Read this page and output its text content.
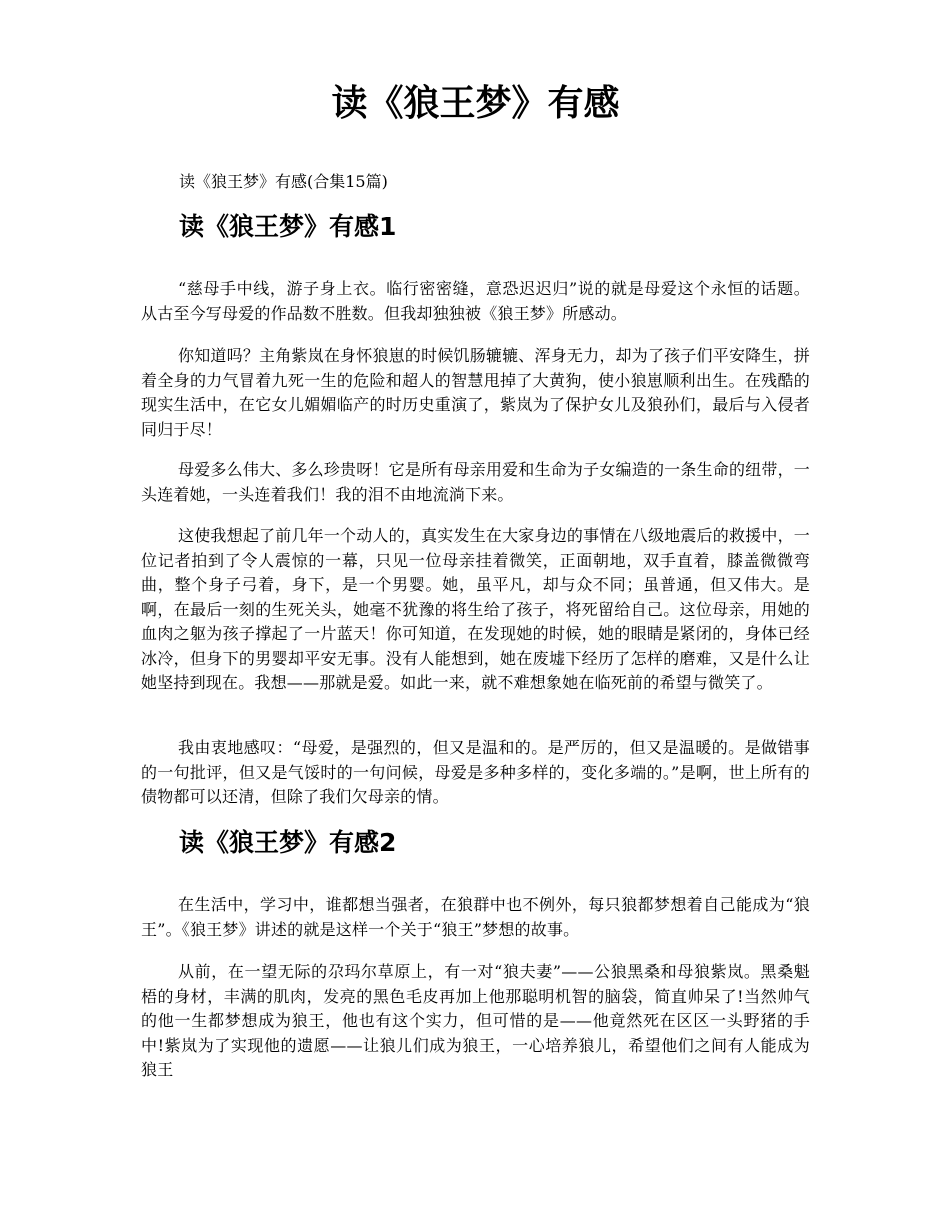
读《狼王梦》有感

读《狼王梦》有感(合集15篇)

读《狼王梦》有感1

“慈母手中线，游子身上衣。临行密密缝，意恐迟迟归”说的就是母爱这个永恒的话题。从古至今写母爱的作品数不胜数。但我却独独被《狼王梦》所感动。

你知道吗？主角紫岚在身怀狼崽的时候饥肠辘辘、浑身无力，却为了孩子们平安降生，拼着全身的力气冒着九死一生的危险和超人的智慧甩掉了大黄狗，使小狼崽顺利出生。在残酷的现实生活中，在它女儿媚媚临产的时历史重演了，紫岚为了保护女儿及狼孙们，最后与入侵者同归于尽！

母爱多么伟大、多么珍贵呀！它是所有母亲用爱和生命为子女编造的一条生命的纽带，一头连着她，一头连着我们！我的泪不由地流淌下来。

这使我想起了前几年一个动人的，真实发生在大家身边的事情在八级地震后的救援中，一位记者拍到了令人震惊的一幕，只见一位母亲挂着微笑，正面朝地，双手直着，膝盖微微弯曲，整个身子弓着，身下，是一个男婴。她，虽平凡，却与众不同；虽普通，但又伟大。是啊，在最后一刻的生死关头，她毫不犹豫的将生给了孩子，将死留给自己。这位母亲，用她的血肉之躯为孩子撑起了一片蓝天！你可知道，在发现她的时候，她的眼睛是紧闭的，身体已经冰冷，但身下的男婴却平安无事。没有人能想到，她在废墟下经历了怎样的磨难，又是什么让她坚持到现在。我想——那就是爱。如此一来，就不难想象她在临死前的希望与微笑了。

我由衷地感叹：“母爱，是强烈的，但又是温和的。是严厉的，但又是温暖的。是做错事的一句批评，但又是气馁时的一句问候，母爱是多种多样的，变化多端的。”是啊，世上所有的债物都可以还清，但除了我们欠母亲的情。

读《狼王梦》有感2

在生活中，学习中，谁都想当强者，在狼群中也不例外，每只狼都梦想着自己能成为“狼王”。《狼王梦》讲述的就是这样一个关于“狼王”梦想的故事。

从前，在一望无际的尕玛尔草原上，有一对“狼夫妻”——公狼黑桑和母狼紫岚。黑桑魁梧的身材，丰满的肌肉，发亮的黑色毛皮再加上他那聪明机智的脑袋，简直帅呆了!当然帅气的他一生都梦想成为狼王，他也有这个实力，但可惜的是——他竟然死在区区一头野猪的手中!紫岚为了实现他的遗愿——让狼儿们成为狼王，一心培养狼儿，希望他们之间有人能成为狼王
